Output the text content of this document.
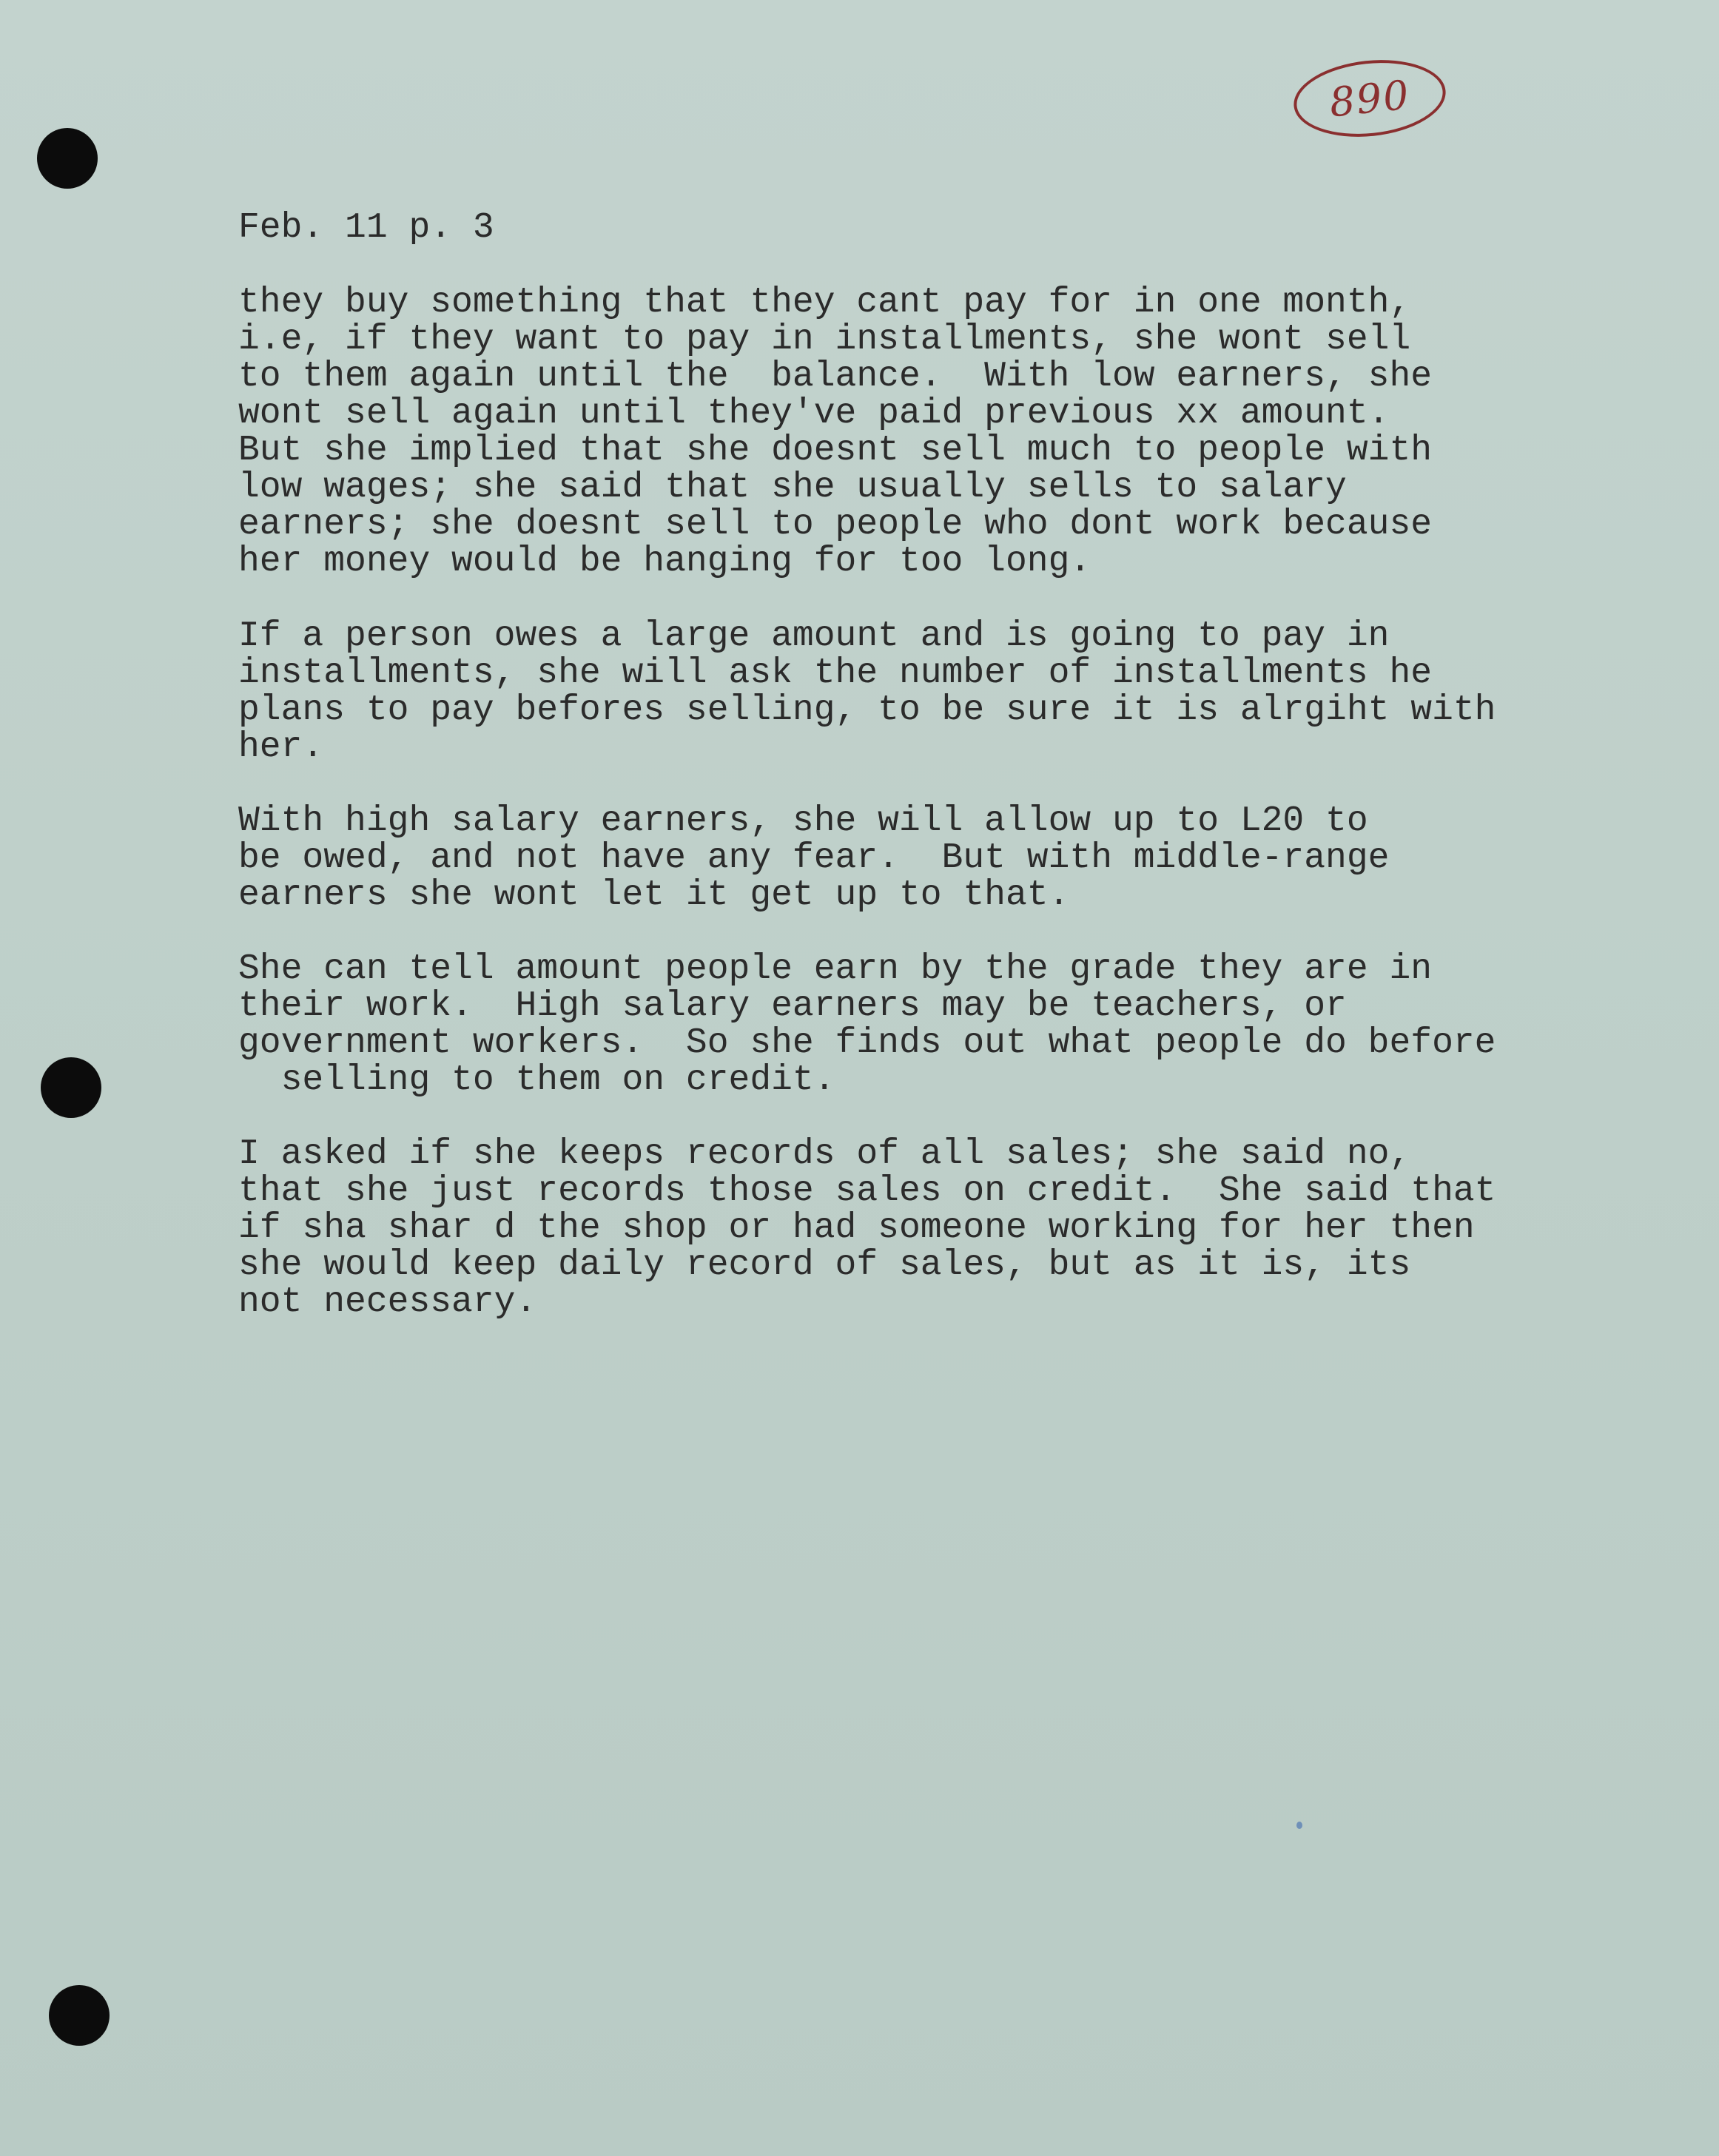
890
Feb. 11 p. 3

they buy something that they cant pay for in one month,
i.e, if they want to pay in installments, she wont sell
to them again until the  balance.  With low earners, she
wont sell again until they've paid previous xx amount.
But she implied that she doesnt sell much to people with
low wages; she said that she usually sells to salary
earners; she doesnt sell to people who dont work because
her money would be hanging for too long.

If a person owes a large amount and is going to pay in
installments, she will ask the number of installments he
plans to pay befores selling, to be sure it is alrgiht with
her.

With high salary earners, she will allow up to L20 to
be owed, and not have any fear.  But with middle-range
earners she wont let it get up to that.

She can tell amount people earn by the grade they are in
their work.  High salary earners may be teachers, or
government workers.  So she finds out what people do before
selling to them on credit.

I asked if she keeps records of all sales; she said no,
that she just records those sales on credit.  She said that
if sha shar d the shop or had someone working for her then
she would keep daily record of sales, but as it is, its
not necessary.
